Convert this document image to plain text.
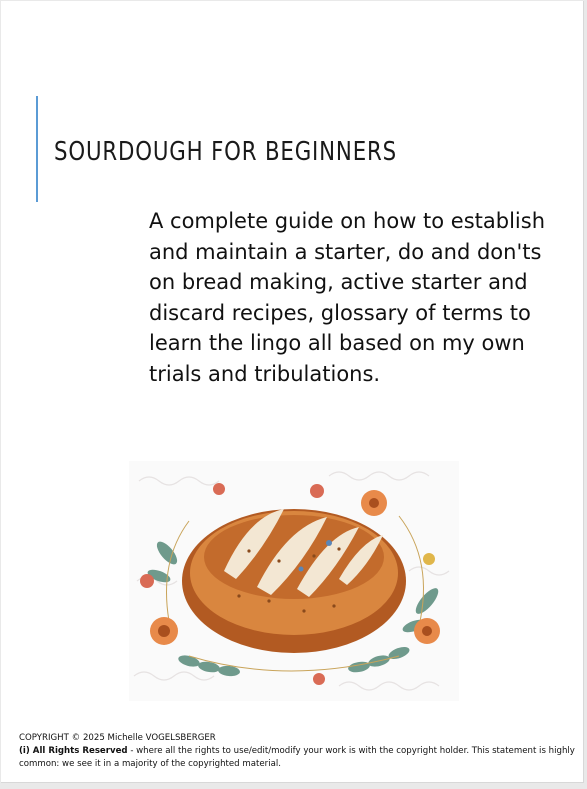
SOURDOUGH FOR BEGINNERS

A complete guide on how to establish and maintain a starter, do and don'ts on bread making, active starter and discard recipes, glossary of terms to learn the lingo all based on my own trials and tribulations.

COPYRIGHT © 2025 Michelle VOGELSBERGER

(i) All Rights Reserved - where all the rights to use/edit/modify your work is with the copyright holder. This statement is highly common: we see it in a majority of the copyrighted material.
